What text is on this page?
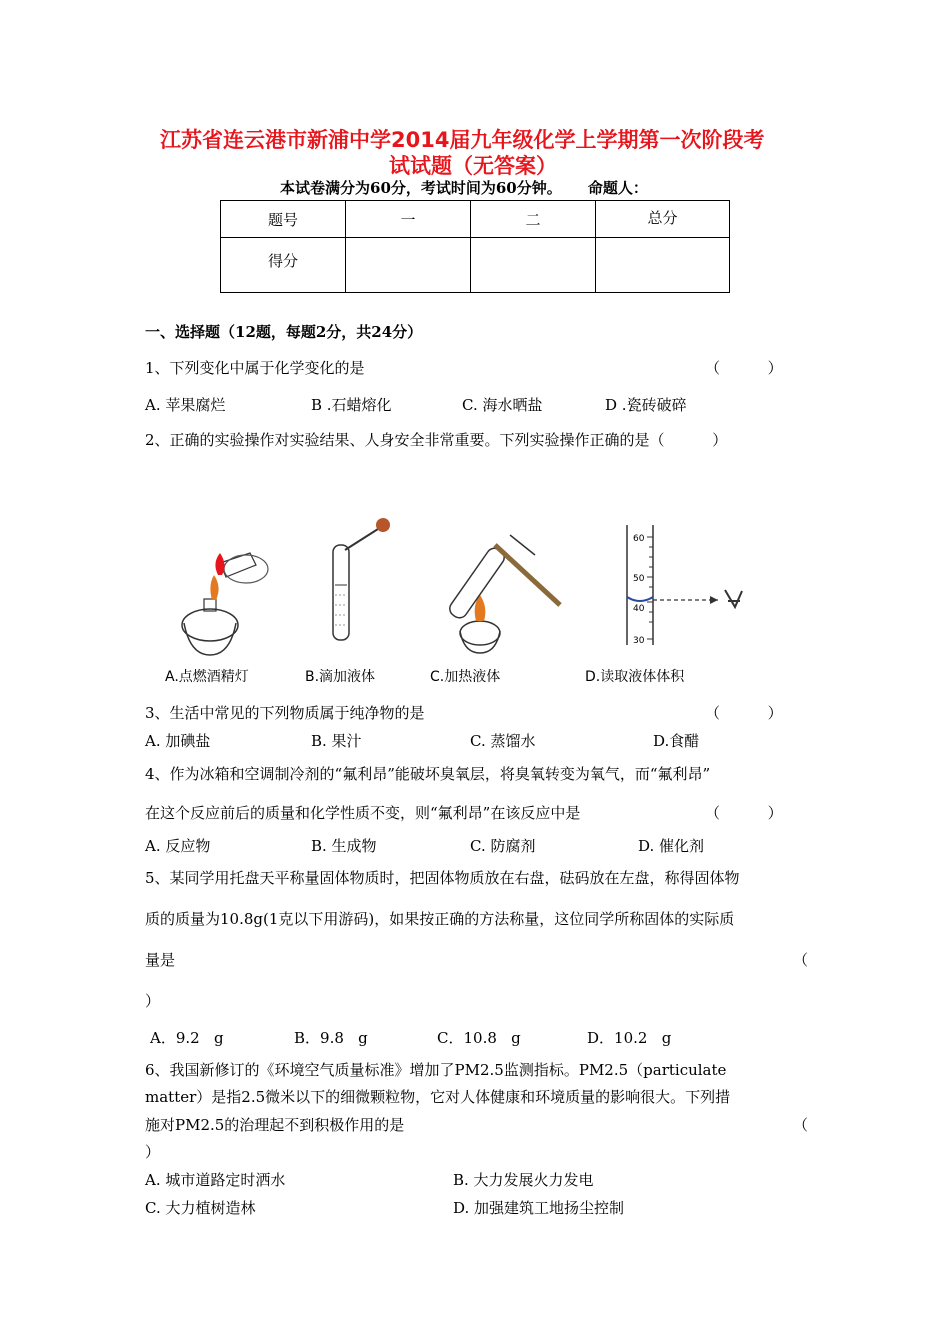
江苏省连云港市新浦中学2014届九年级化学上学期第一次阶段考
试试题（无答案）
本试卷满分为60分，考试时间为60分钟。     命题人：
题号	一	二	总分
得分			
一、选择题（12题，每题2分，共24分）
1、下列变化中属于化学变化的是	（          ）
A. 苹果腐烂	B .石蜡熔化	C. 海水晒盐	D .瓷砖破碎
2、正确的实验操作对实验结果、人身安全非常重要。下列实验操作正确的是（          ）
A.点燃酒精灯	B.滴加液体	C.加热液体
60
50
40
30
D.读取液体体积
3、生活中常见的下列物质属于纯净物的是	（          ）
A. 加碘盐	B. 果汁	C. 蒸馏水	D.食醋
4、作为冰箱和空调制冷剂的“氟利昂”能破坏臭氧层，将臭氧转变为氧气，而“氟利昂”
在这个反应前后的质量和化学性质不变，则“氟利昂”在该反应中是	（          ）
A. 反应物	B. 生成物	C. 防腐剂	D. 催化剂
5、某同学用托盘天平称量固体物质时，把固体物质放在右盘，砝码放在左盘，称得固体物
质的质量为10.8g(1克以下用游码)，如果按正确的方法称量，这位同学所称固体的实际质
量是	（
）
A．9.2   g	B．9.8   g	C．10.8   g	D．10.2   g
6、我国新修订的《环境空气质量标准》增加了PM2.5监测指标。PM2.5（particulate
matter）是指2.5微米以下的细微颗粒物，它对人体健康和环境质量的影响很大。下列措
施对PM2.5的治理起不到积极作用的是	（
）
A. 城市道路定时洒水	B. 大力发展火力发电
C. 大力植树造林	D. 加强建筑工地扬尘控制
